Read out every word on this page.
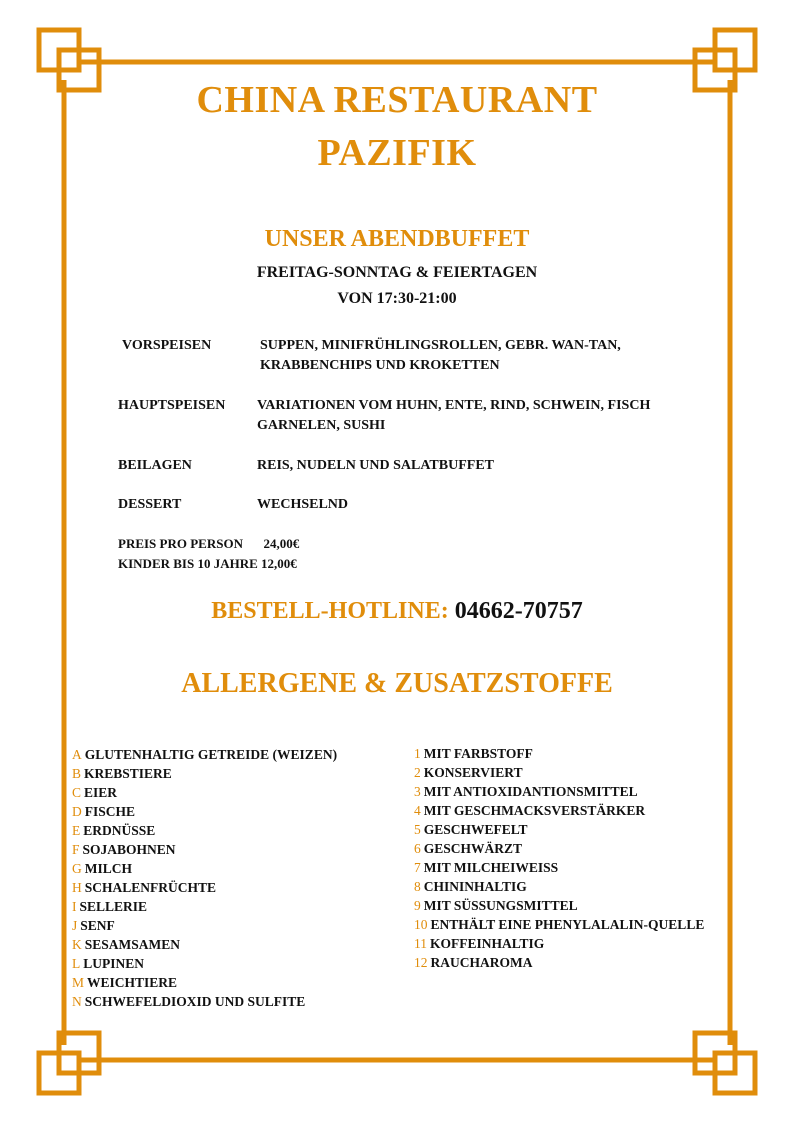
CHINA RESTAURANT
PAZIFIK
UNSER ABENDBUFFET
FREITAG-SONNTAG & FEIERTAGEN
VON 17:30-21:00
VORSPEISEN	SUPPEN, MINIFRÜHLINGSROLLEN, GEBR. WAN-TAN,
KRABBENCHIPS UND KROKETTEN
HAUPTSPEISEN VARIATIONEN VOM HUHN, ENTE, RIND, SCHWEIN, FISCH
GARNELEN, SUSHI
BEILAGEN	REIS, NUDELN UND SALATBUFFET
DESSERT	WECHSELND
PREIS PRO PERSON 24,00€
KINDER BIS 10 JAHRE 12,00€
BESTELL-HOTLINE: 04662-70757
ALLERGENE & ZUSATZSTOFFE
A GLUTENHALTIG GETREIDE (WEIZEN)
B KREBSTIERE
C EIER
D FISCHE
E ERDNÜSSE
F SOJABOHNEN
G MILCH
H SCHALENFRÜCHTE
I SELLERIE
J SENF
K SESAMSAMEN
L LUPINEN
M WEICHTIERE
N SCHWEFELDIOXID UND SULFITE
1 MIT FARBSTOFF
2 KONSERVIERT
3 MIT ANTIOXIDANTIONSMITTEL
4 MIT GESCHMACKSVERSTÄRKER
5 GESCHWEFELT
6 GESCHWÄRZT
7 MIT MILCHEIWEISS
8 CHININHALTIG
9 MIT SÜSSUNGSMITTEL
10 ENTHÄLT EINE PHENYLALALIN-QUELLE
11 KOFFEINHALTIG
12 RAUCHAROMA
